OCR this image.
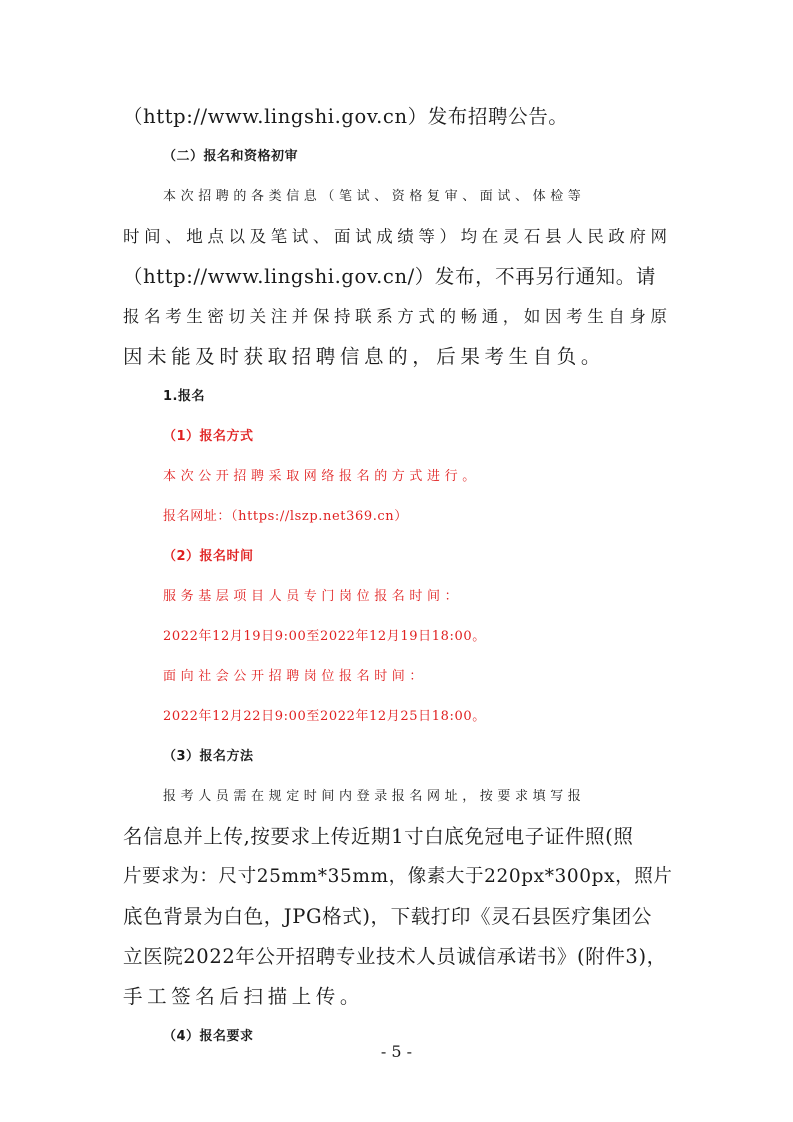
（http://www.lingshi.gov.cn）发布招聘公告。
（二）报名和资格初审
本次招聘的各类信息（笔试、资格复审、面试、体检等
时间、地点以及笔试、面试成绩等）均在灵石县人民政府网
（http://www.lingshi.gov.cn/）发布，不再另行通知。请
报名考生密切关注并保持联系方式的畅通，如因考生自身原
因未能及时获取招聘信息的，后果考生自负。
1.报名
（1）报名方式
本次公开招聘采取网络报名的方式进行。
报名网址：（https://lszp.net369.cn）
（2）报名时间
服务基层项目人员专门岗位报名时间：
2022年12月19日9:00至2022年12月19日18:00。
面向社会公开招聘岗位报名时间：
2022年12月22日9:00至2022年12月25日18:00。
（3）报名方法
报考人员需在规定时间内登录报名网址，按要求填写报
名信息并上传,按要求上传近期1寸白底免冠电子证件照(照
片要求为：尺寸25mm*35mm，像素大于220px*300px，照片
底色背景为白色，JPG格式)，下载打印《灵石县医疗集团公
立医院2022年公开招聘专业技术人员诚信承诺书》(附件3)，
手工签名后扫描上传。
（4）报名要求
- 5 -
